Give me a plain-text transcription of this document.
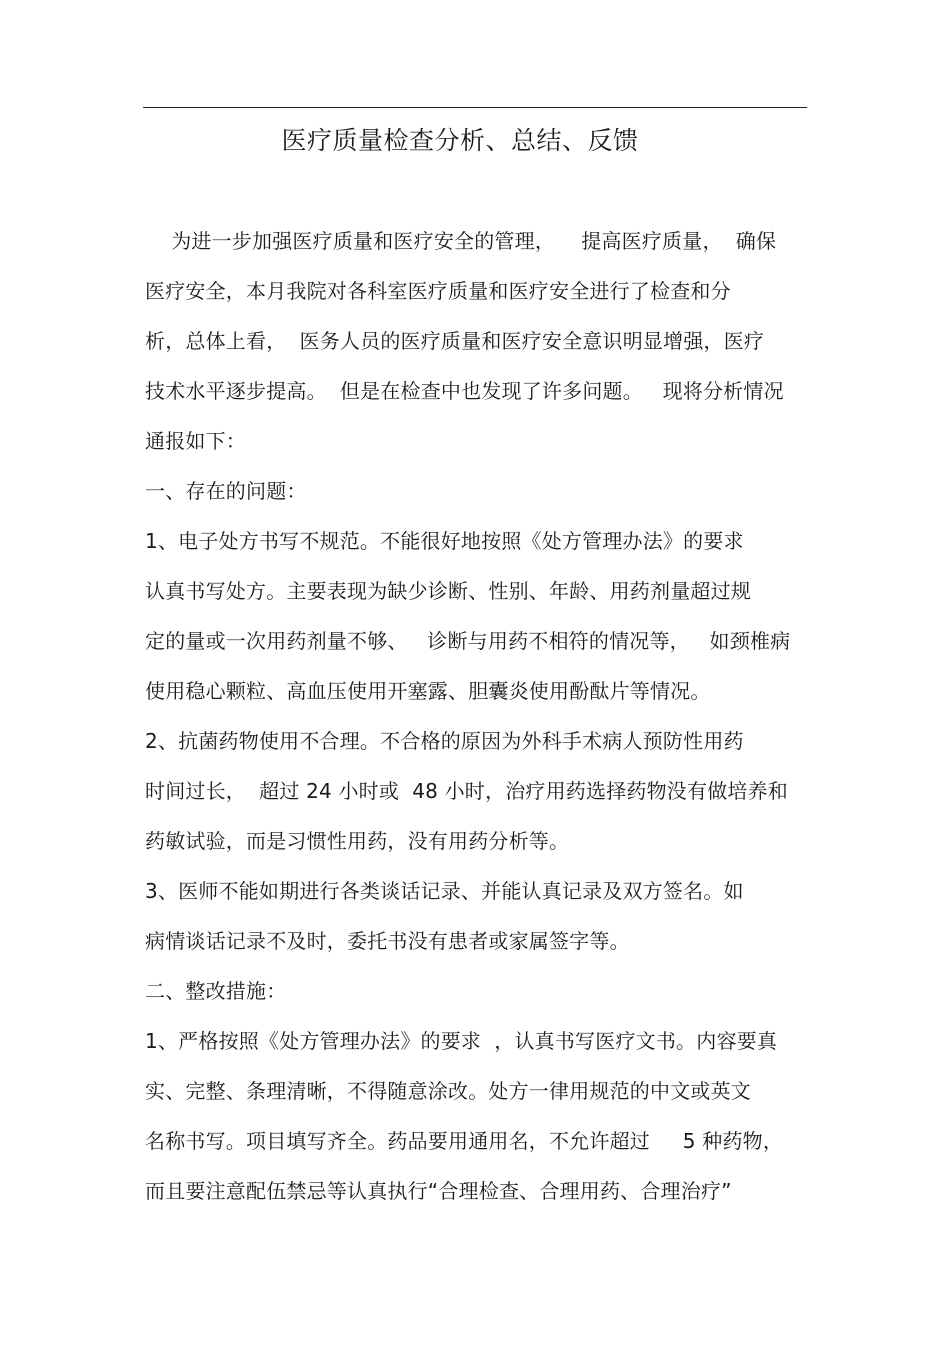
医疗质量检查分析、总结、反馈
为进一步加强医疗质量和医疗安全的管理，    提高医疗质量，  确保
医疗安全，本月我院对各科室医疗质量和医疗安全进行了检查和分
析，总体上看，  医务人员的医疗质量和医疗安全意识明显增强，医疗
技术水平逐步提高。  但是在检查中也发现了许多问题。   现将分析情况
通报如下：
一、存在的问题：
1、电子处方书写不规范。不能很好地按照《处方管理办法》的要求
认真书写处方。主要表现为缺少诊断、性别、年龄、用药剂量超过规
定的量或一次用药剂量不够、   诊断与用药不相符的情况等，   如颈椎病
使用稳心颗粒、高血压使用开塞露、胆囊炎使用酚酞片等情况。
2、抗菌药物使用不合理。不合格的原因为外科手术病人预防性用药
时间过长，  超过 24 小时或  48 小时，治疗用药选择药物没有做培养和
药敏试验，而是习惯性用药，没有用药分析等。
3、医师不能如期进行各类谈话记录、并能认真记录及双方签名。如
病情谈话记录不及时，委托书没有患者或家属签字等。
二、整改措施：
1、严格按照《处方管理办法》的要求  ，认真书写医疗文书。内容要真
实、完整、条理清晰，不得随意涂改。处方一律用规范的中文或英文
名称书写。项目填写齐全。药品要用通用名，不允许超过     5 种药物，
而且要注意配伍禁忌等认真执行“合理检查、合理用药、合理治疗”
